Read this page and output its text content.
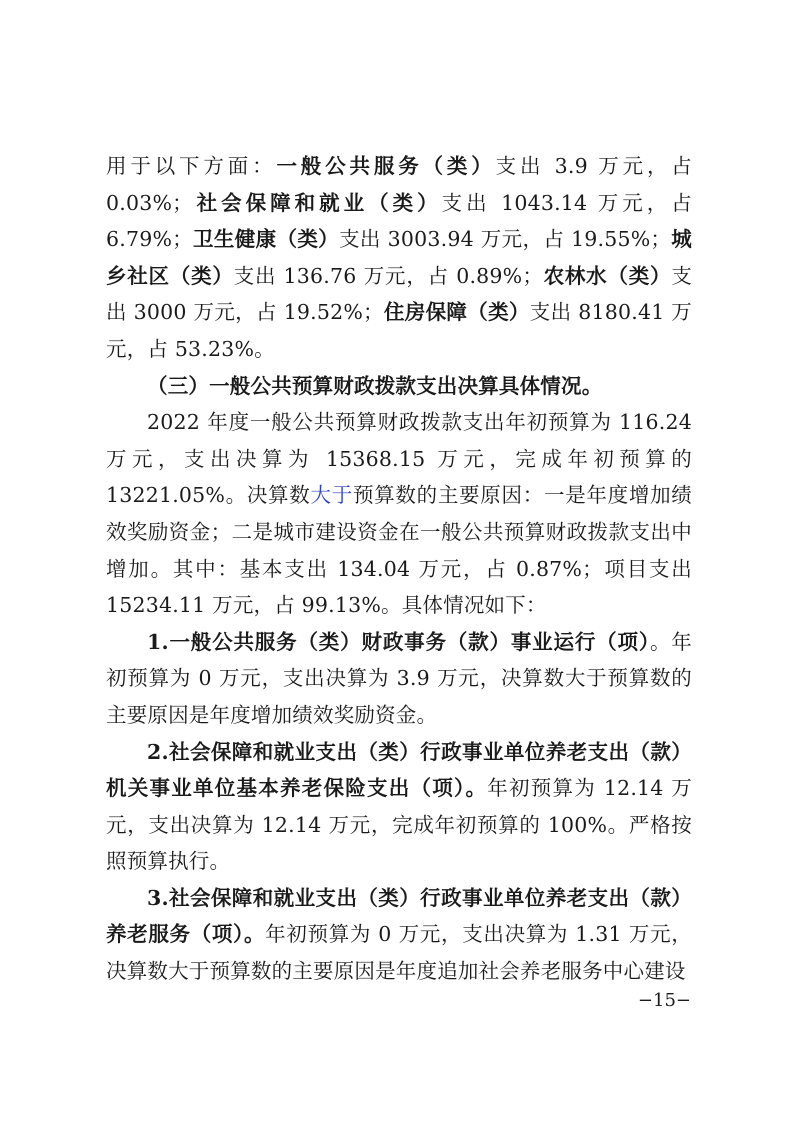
用于以下方面：一般公共服务（类）支出 3.9 万元，占 0.03%；社会保障和就业（类）支出 1043.14 万元，占 6.79%；卫生健康（类）支出 3003.94 万元，占 19.55%；城乡社区（类）支出 136.76 万元，占 0.89%；农林水（类）支出 3000 万元，占 19.52%；住房保障（类）支出 8180.41 万元，占 53.23%。

（三）一般公共预算财政拨款支出决算具体情况。

2022 年度一般公共预算财政拨款支出年初预算为 116.24 万元，支出决算为 15368.15 万元，完成年初预算的 13221.05%。决算数大于预算数的主要原因：一是年度增加绩效奖励资金；二是城市建设资金在一般公共预算财政拨款支出中增加。其中：基本支出 134.04 万元，占 0.87%；项目支出 15234.11 万元，占 99.13%。具体情况如下：

1.一般公共服务（类）财政事务（款）事业运行（项）。年初预算为 0 万元，支出决算为 3.9 万元，决算数大于预算数的主要原因是年度增加绩效奖励资金。

2.社会保障和就业支出（类）行政事业单位养老支出（款）机关事业单位基本养老保险支出（项）。年初预算为 12.14 万元，支出决算为 12.14 万元，完成年初预算的 100%。严格按照预算执行。

3.社会保障和就业支出（类）行政事业单位养老支出（款）养老服务（项）。年初预算为 0 万元，支出决算为 1.31 万元，决算数大于预算数的主要原因是年度追加社会养老服务中心建设

−15−
